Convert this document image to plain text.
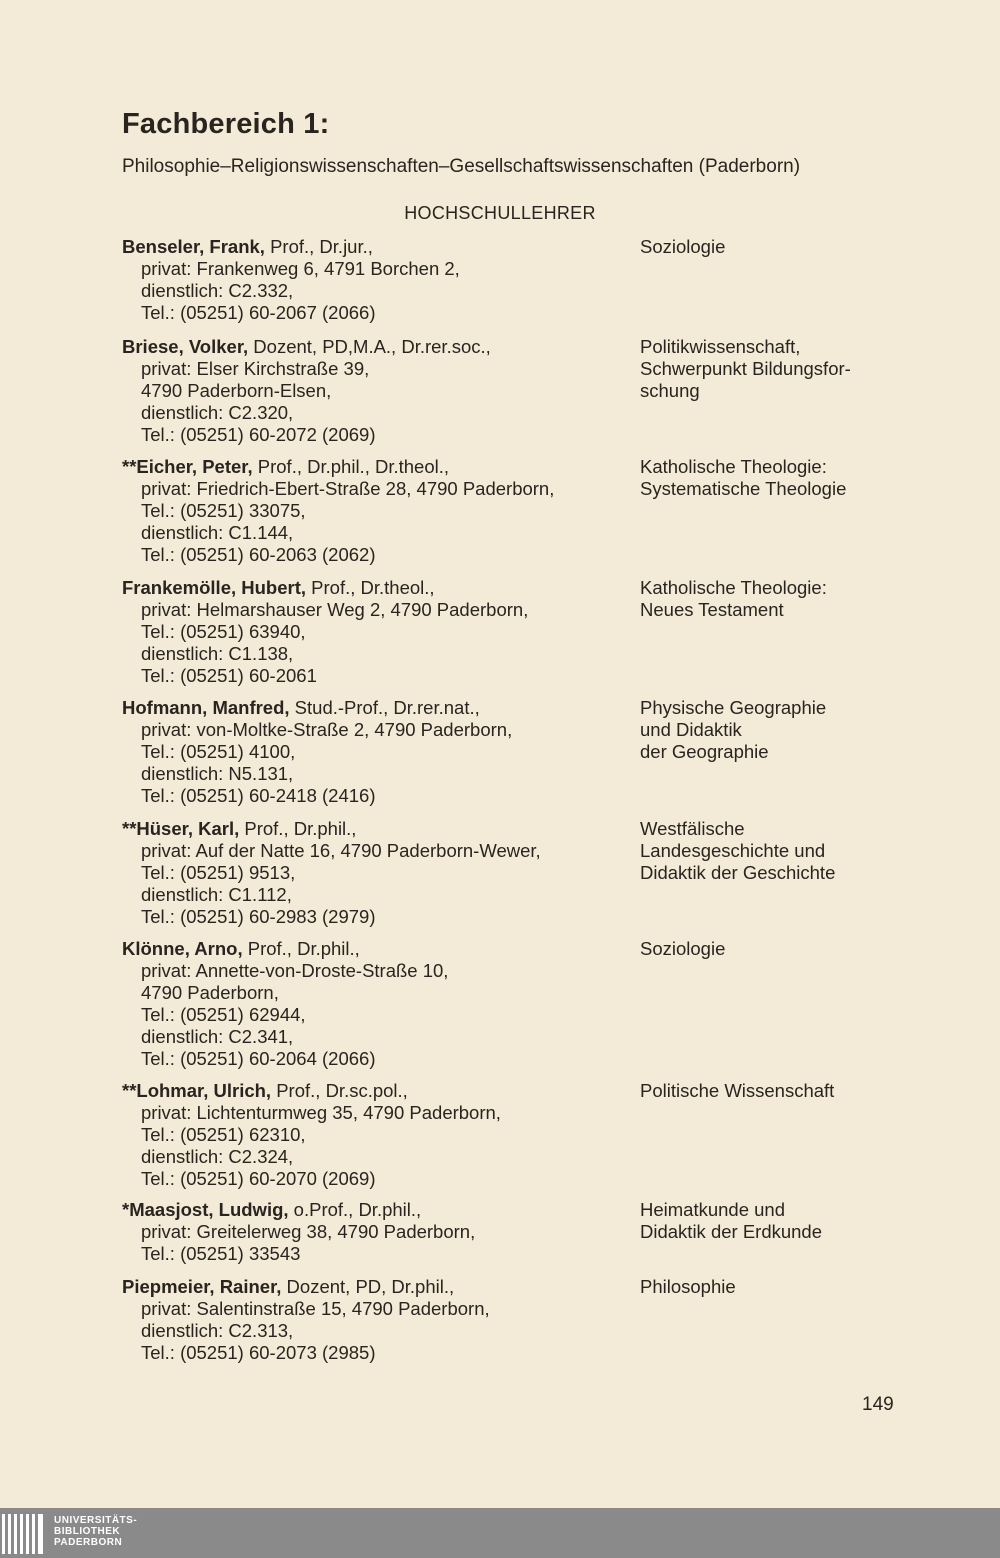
Fachbereich 1:
Philosophie–Religionswissenschaften–Gesellschaftswissenschaften (Paderborn)
HOCHSCHULLEHRER
Benseler, Frank, Prof., Dr.jur.,
privat: Frankenweg 6, 4791 Borchen 2,
dienstlich: C2.332,
Tel.: (05251) 60-2067 (2066)
Soziologie
Briese, Volker, Dozent, PD,M.A., Dr.rer.soc.,
privat: Elser Kirchstraße 39,
4790 Paderborn-Elsen,
dienstlich: C2.320,
Tel.: (05251) 60-2072 (2069)
Politikwissenschaft,
Schwerpunkt Bildungsfor-
schung
**Eicher, Peter, Prof., Dr.phil., Dr.theol.,
privat: Friedrich-Ebert-Straße 28, 4790 Paderborn,
Tel.: (05251) 33075,
dienstlich: C1.144,
Tel.: (05251) 60-2063 (2062)
Katholische Theologie:
Systematische Theologie
Frankemölle, Hubert, Prof., Dr.theol.,
privat: Helmarshauser Weg 2, 4790 Paderborn,
Tel.: (05251) 63940,
dienstlich: C1.138,
Tel.: (05251) 60-2061
Katholische Theologie:
Neues Testament
Hofmann, Manfred, Stud.-Prof., Dr.rer.nat.,
privat: von-Moltke-Straße 2, 4790 Paderborn,
Tel.: (05251) 4100,
dienstlich: N5.131,
Tel.: (05251) 60-2418 (2416)
Physische Geographie
und Didaktik
der Geographie
**Hüser, Karl, Prof., Dr.phil.,
privat: Auf der Natte 16, 4790 Paderborn-Wewer,
Tel.: (05251) 9513,
dienstlich: C1.112,
Tel.: (05251) 60-2983 (2979)
Westfälische
Landesgeschichte und
Didaktik der Geschichte
Klönne, Arno, Prof., Dr.phil.,
privat: Annette-von-Droste-Straße 10,
4790 Paderborn,
Tel.: (05251) 62944,
dienstlich: C2.341,
Tel.: (05251) 60-2064 (2066)
Soziologie
**Lohmar, Ulrich, Prof., Dr.sc.pol.,
privat: Lichtenturmweg 35, 4790 Paderborn,
Tel.: (05251) 62310,
dienstlich: C2.324,
Tel.: (05251) 60-2070 (2069)
Politische Wissenschaft
*Maasjost, Ludwig, o.Prof., Dr.phil.,
privat: Greitelerweg 38, 4790 Paderborn,
Tel.: (05251) 33543
Heimatkunde und
Didaktik der Erdkunde
Piepmeier, Rainer, Dozent, PD, Dr.phil.,
privat: Salentinstraße 15, 4790 Paderborn,
dienstlich: C2.313,
Tel.: (05251) 60-2073 (2985)
Philosophie
149
UNIVERSITÄTS-
BIBLIOTHEK
PADERBORN
